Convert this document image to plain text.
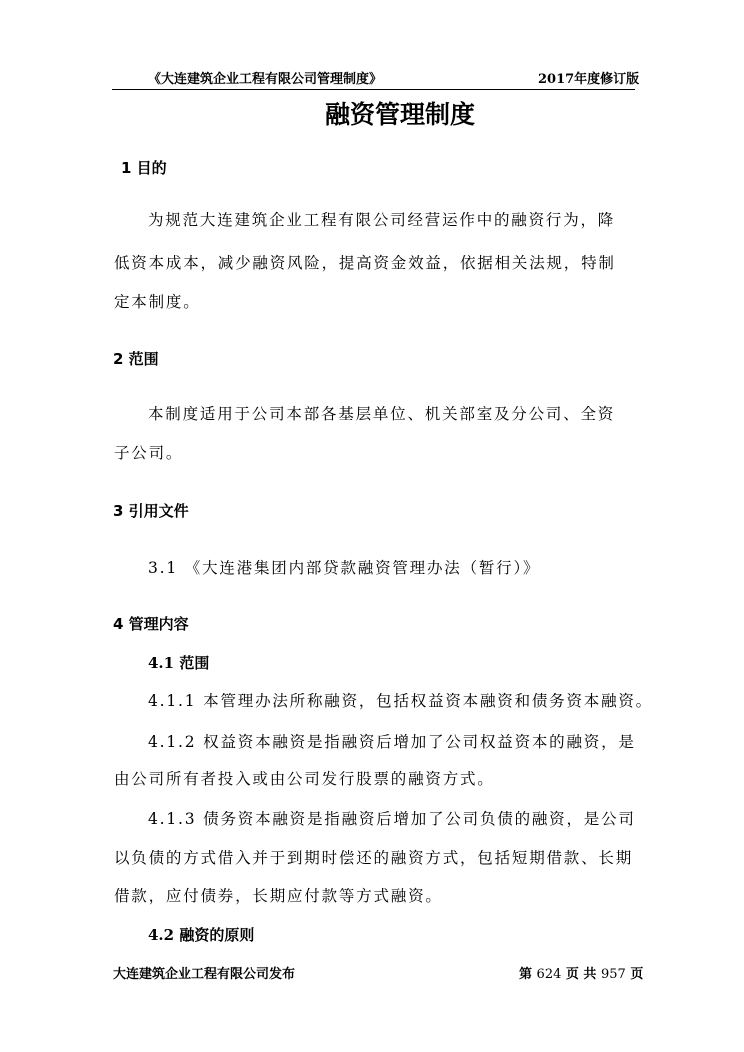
《大连建筑企业工程有限公司管理制度》	2017年度修订版
融资管理制度
1 目的
为规范大连建筑企业工程有限公司经营运作中的融资行为，降
低资本成本，减少融资风险，提高资金效益，依据相关法规，特制
定本制度。
2 范围
本制度适用于公司本部各基层单位、机关部室及分公司、全资
子公司。
3 引用文件
3.1 《大连港集团内部贷款融资管理办法（暂行）》
4 管理内容
4.1 范围
4.1.1 本管理办法所称融资，包括权益资本融资和债务资本融资。
4.1.2 权益资本融资是指融资后增加了公司权益资本的融资，是
由公司所有者投入或由公司发行股票的融资方式。
4.1.3 债务资本融资是指融资后增加了公司负债的融资，是公司
以负债的方式借入并于到期时偿还的融资方式，包括短期借款、长期
借款，应付债券，长期应付款等方式融资。
4.2 融资的原则
大连建筑企业工程有限公司发布	第 624 页 共 957 页
